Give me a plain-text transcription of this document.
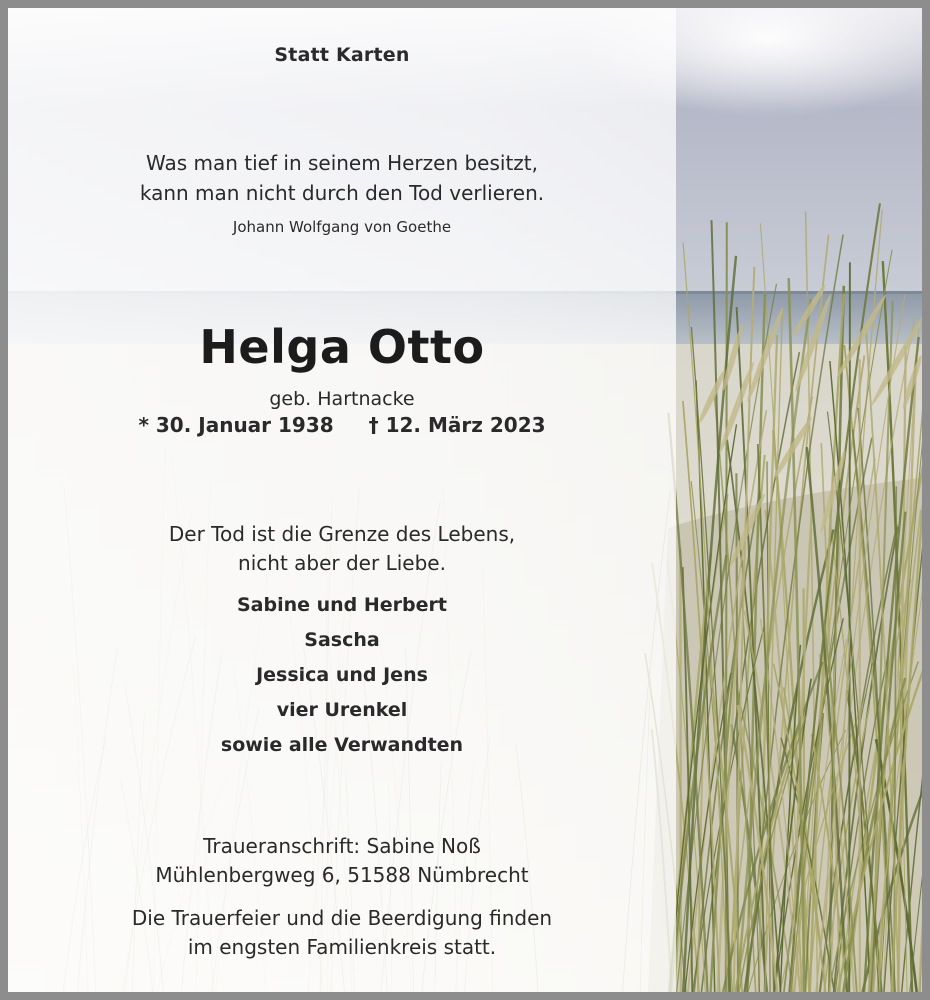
Statt Karten
Was man tief in seinem Herzen besitzt,
kann man nicht durch den Tod verlieren.
Johann Wolfgang von Goethe
Helga Otto
geb. Hartnacke
* 30. Januar 1938 † 12. März 2023
Der Tod ist die Grenze des Lebens,
nicht aber der Liebe.
Sabine und Herbert
Sascha
Jessica und Jens
vier Urenkel
sowie alle Verwandten
Traueranschrift: Sabine Noß
Mühlenbergweg 6, 51588 Nümbrecht
Die Trauerfeier und die Beerdigung finden
im engsten Familienkreis statt.
